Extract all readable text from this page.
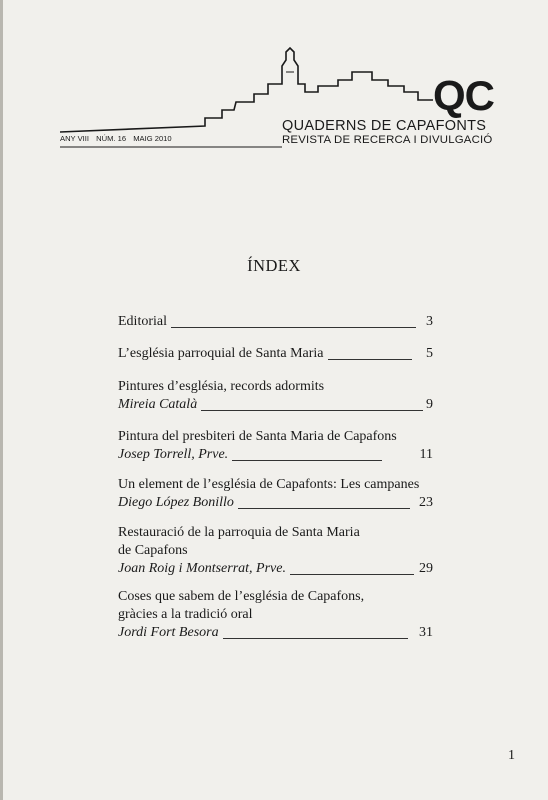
QC
QUADERNS DE CAPAFONTS
REVISTA DE RECERCA I DIVULGACIÓ
ANY VIII NÚM. 16 MAIG 2010
ÍNDEX
Editorial	3
L’església parroquial de Santa Maria	5
Pintures d’església, records adormits
Mireia Català	9
Pintura del presbiteri de Santa Maria de Capafons
Josep Torrell, Prve.	11
Un element de l’església de Capafonts: Les campanes
Diego López Bonillo	23
Restauració de la parroquia de Santa Maria
de Capafons
Joan Roig i Montserrat, Prve.	29
Coses que sabem de l’església de Capafons,
gràcies a la tradició oral
Jordi Fort Besora	31
1
